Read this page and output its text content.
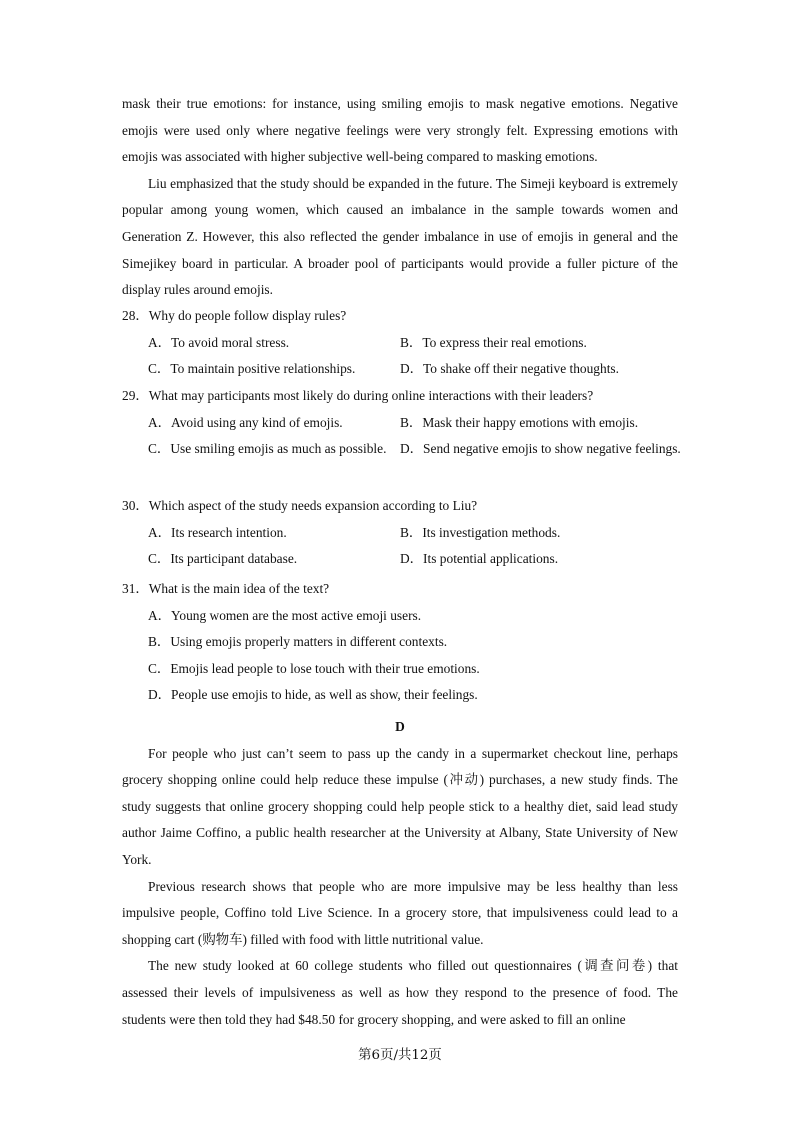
mask their true emotions: for instance, using smiling emojis to mask negative emotions. Negative emojis were used only where negative feelings were very strongly felt. Expressing emotions with emojis was associated with higher subjective well-being compared to masking emotions.

Liu emphasized that the study should be expanded in the future. The Simeji keyboard is extremely popular among young women, which caused an imbalance in the sample towards women and Generation Z. However, this also reflected the gender imbalance in use of emojis in general and the Simejikey board in particular. A broader pool of participants would provide a fuller picture of the display rules around emojis.

28．Why do people follow display rules?

A．To avoid moral stress.	B．To express their real emotions.
C．To maintain positive relationships.	D．To shake off their negative thoughts.

29．What may participants most likely do during online interactions with their leaders?

A．Avoid using any kind of emojis.	B．Mask their happy emotions with emojis.
C．Use smiling emojis as much as possible.	D．Send negative emojis to show negative feelings.

30．Which aspect of the study needs expansion according to Liu?

A．Its research intention.	B．Its investigation methods.
C．Its participant database.	D．Its potential applications.

31．What is the main idea of the text?

A．Young women are the most active emoji users.
B．Using emojis properly matters in different contexts.
C．Emojis lead people to lose touch with their true emotions.
D．People use emojis to hide, as well as show, their feelings.

D

For people who just can’t seem to pass up the candy in a supermarket checkout line, perhaps grocery shopping online could help reduce these impulse (冲动) purchases, a new study finds. The study suggests that online grocery shopping could help people stick to a healthy diet, said lead study author Jaime Coffino, a public health researcher at the University at Albany, State University of New York.

Previous research shows that people who are more impulsive may be less healthy than less impulsive people, Coffino told Live Science. In a grocery store, that impulsiveness could lead to a shopping cart (购物车) filled with food with little nutritional value.

The new study looked at 60 college students who filled out questionnaires (调查问卷) that assessed their levels of impulsiveness as well as how they respond to the presence of food. The students were then told they had $48.50 for grocery shopping, and were asked to fill an online

第6页/共12页
